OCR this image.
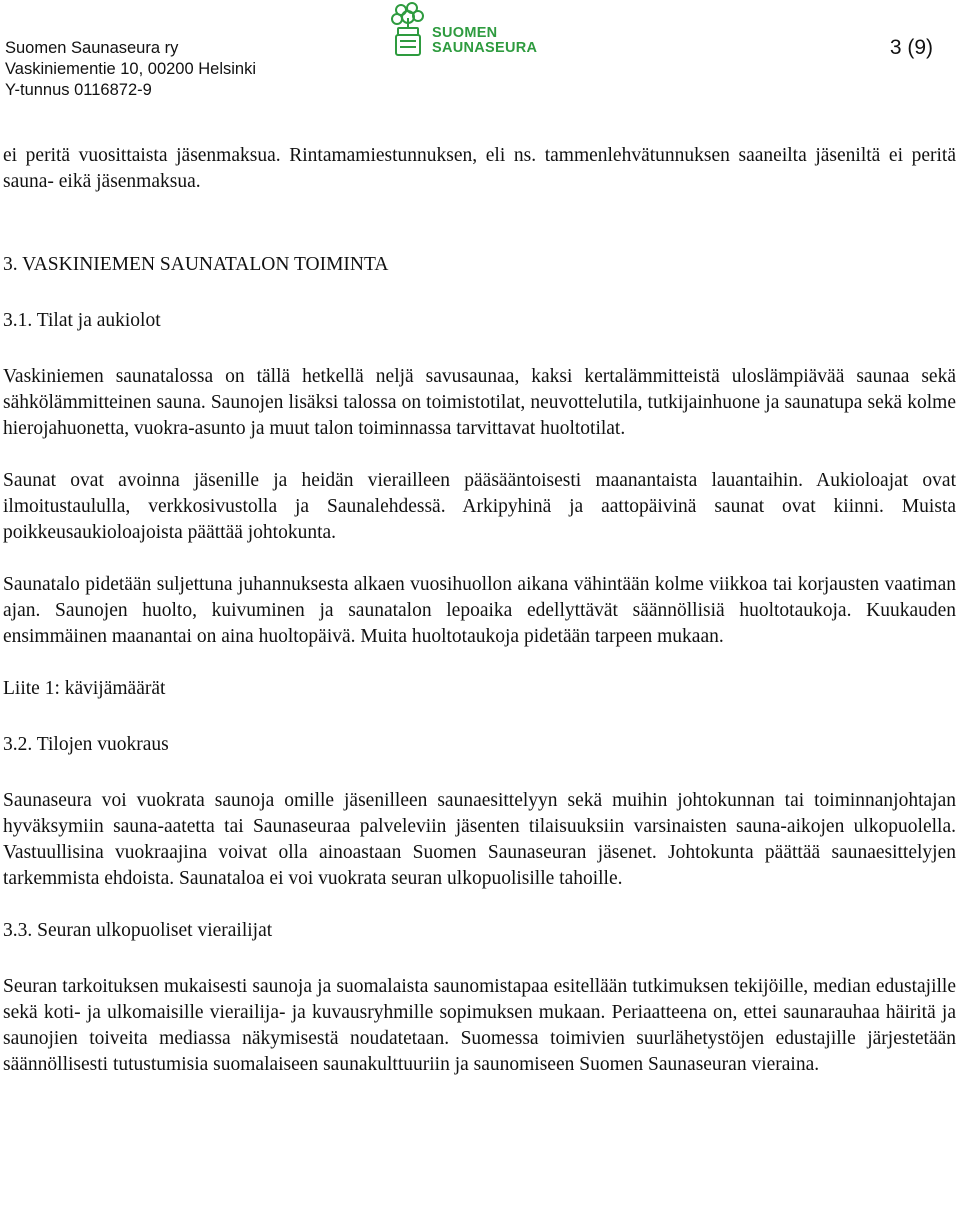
Suomen Saunaseura ry
Vaskiniementie 10, 00200 Helsinki
Y-tunnus 0116872-9
SUOMEN
SAUNASEURA	3 (9)

ei peritä vuosittaista jäsenmaksua. Rintamamiestunnuksen, eli ns. tammenlehvätunnuksen saaneilta jäseniltä ei peritä sauna- eikä jäsenmaksua.

3. VASKINIEMEN SAUNATALON TOIMINTA

3.1. Tilat ja aukiolot

Vaskiniemen saunatalossa on tällä hetkellä neljä savusaunaa, kaksi kertalämmitteistä uloslämpiävää saunaa sekä sähkölämmitteinen sauna. Saunojen lisäksi talossa on toimistotilat, neuvottelutila, tutkijainhuone ja saunatupa sekä kolme hierojahuonetta, vuokra-asunto ja muut talon toiminnassa tarvittavat huoltotilat.

Saunat ovat avoinna jäsenille ja heidän vierailleen pääsääntoisesti maanantaista lauantaihin. Aukioloajat ovat ilmoitustaululla, verkkosivustolla ja Saunalehdessä. Arkipyhinä ja aattopäivinä saunat ovat kiinni. Muista poikkeusaukioloajoista päättää johtokunta.

Saunatalo pidetään suljettuna juhannuksesta alkaen vuosihuollon aikana vähintään kolme viikkoa tai korjausten vaatiman ajan. Saunojen huolto, kuivuminen ja saunatalon lepoaika edellyttävät säännöllisiä huoltotaukoja. Kuukauden ensimmäinen maanantai on aina huoltopäivä. Muita huoltotaukoja pidetään tarpeen mukaan.

Liite 1: kävijämäärät

3.2. Tilojen vuokraus

Saunaseura voi vuokrata saunoja omille jäsenilleen saunaesittelyyn sekä muihin johtokunnan tai toiminnanjohtajan hyväksymiin sauna-aatetta tai Saunaseuraa palveleviin jäsenten tilaisuuksiin varsinaisten sauna-aikojen ulkopuolella. Vastuullisina vuokraajina voivat olla ainoastaan Suomen Saunaseuran jäsenet. Johtokunta päättää saunaesittelyjen tarkemmista ehdoista. Saunataloa ei voi vuokrata seuran ulkopuolisille tahoille.

3.3. Seuran ulkopuoliset vierailijat

Seuran tarkoituksen mukaisesti saunoja ja suomalaista saunomistapaa esitellään tutkimuksen tekijöille, median edustajille sekä koti- ja ulkomaisille vierailija- ja kuvausryhmille sopimuksen mukaan. Periaatteena on, ettei saunarauhaa häiritä ja saunojien toiveita mediassa näkymisestä noudatetaan. Suomessa toimivien suurlähetystöjen edustajille järjestetään säännöllisesti tutustumisia suomalaiseen saunakulttuuriin ja saunomiseen Suomen Saunaseuran vieraina.
